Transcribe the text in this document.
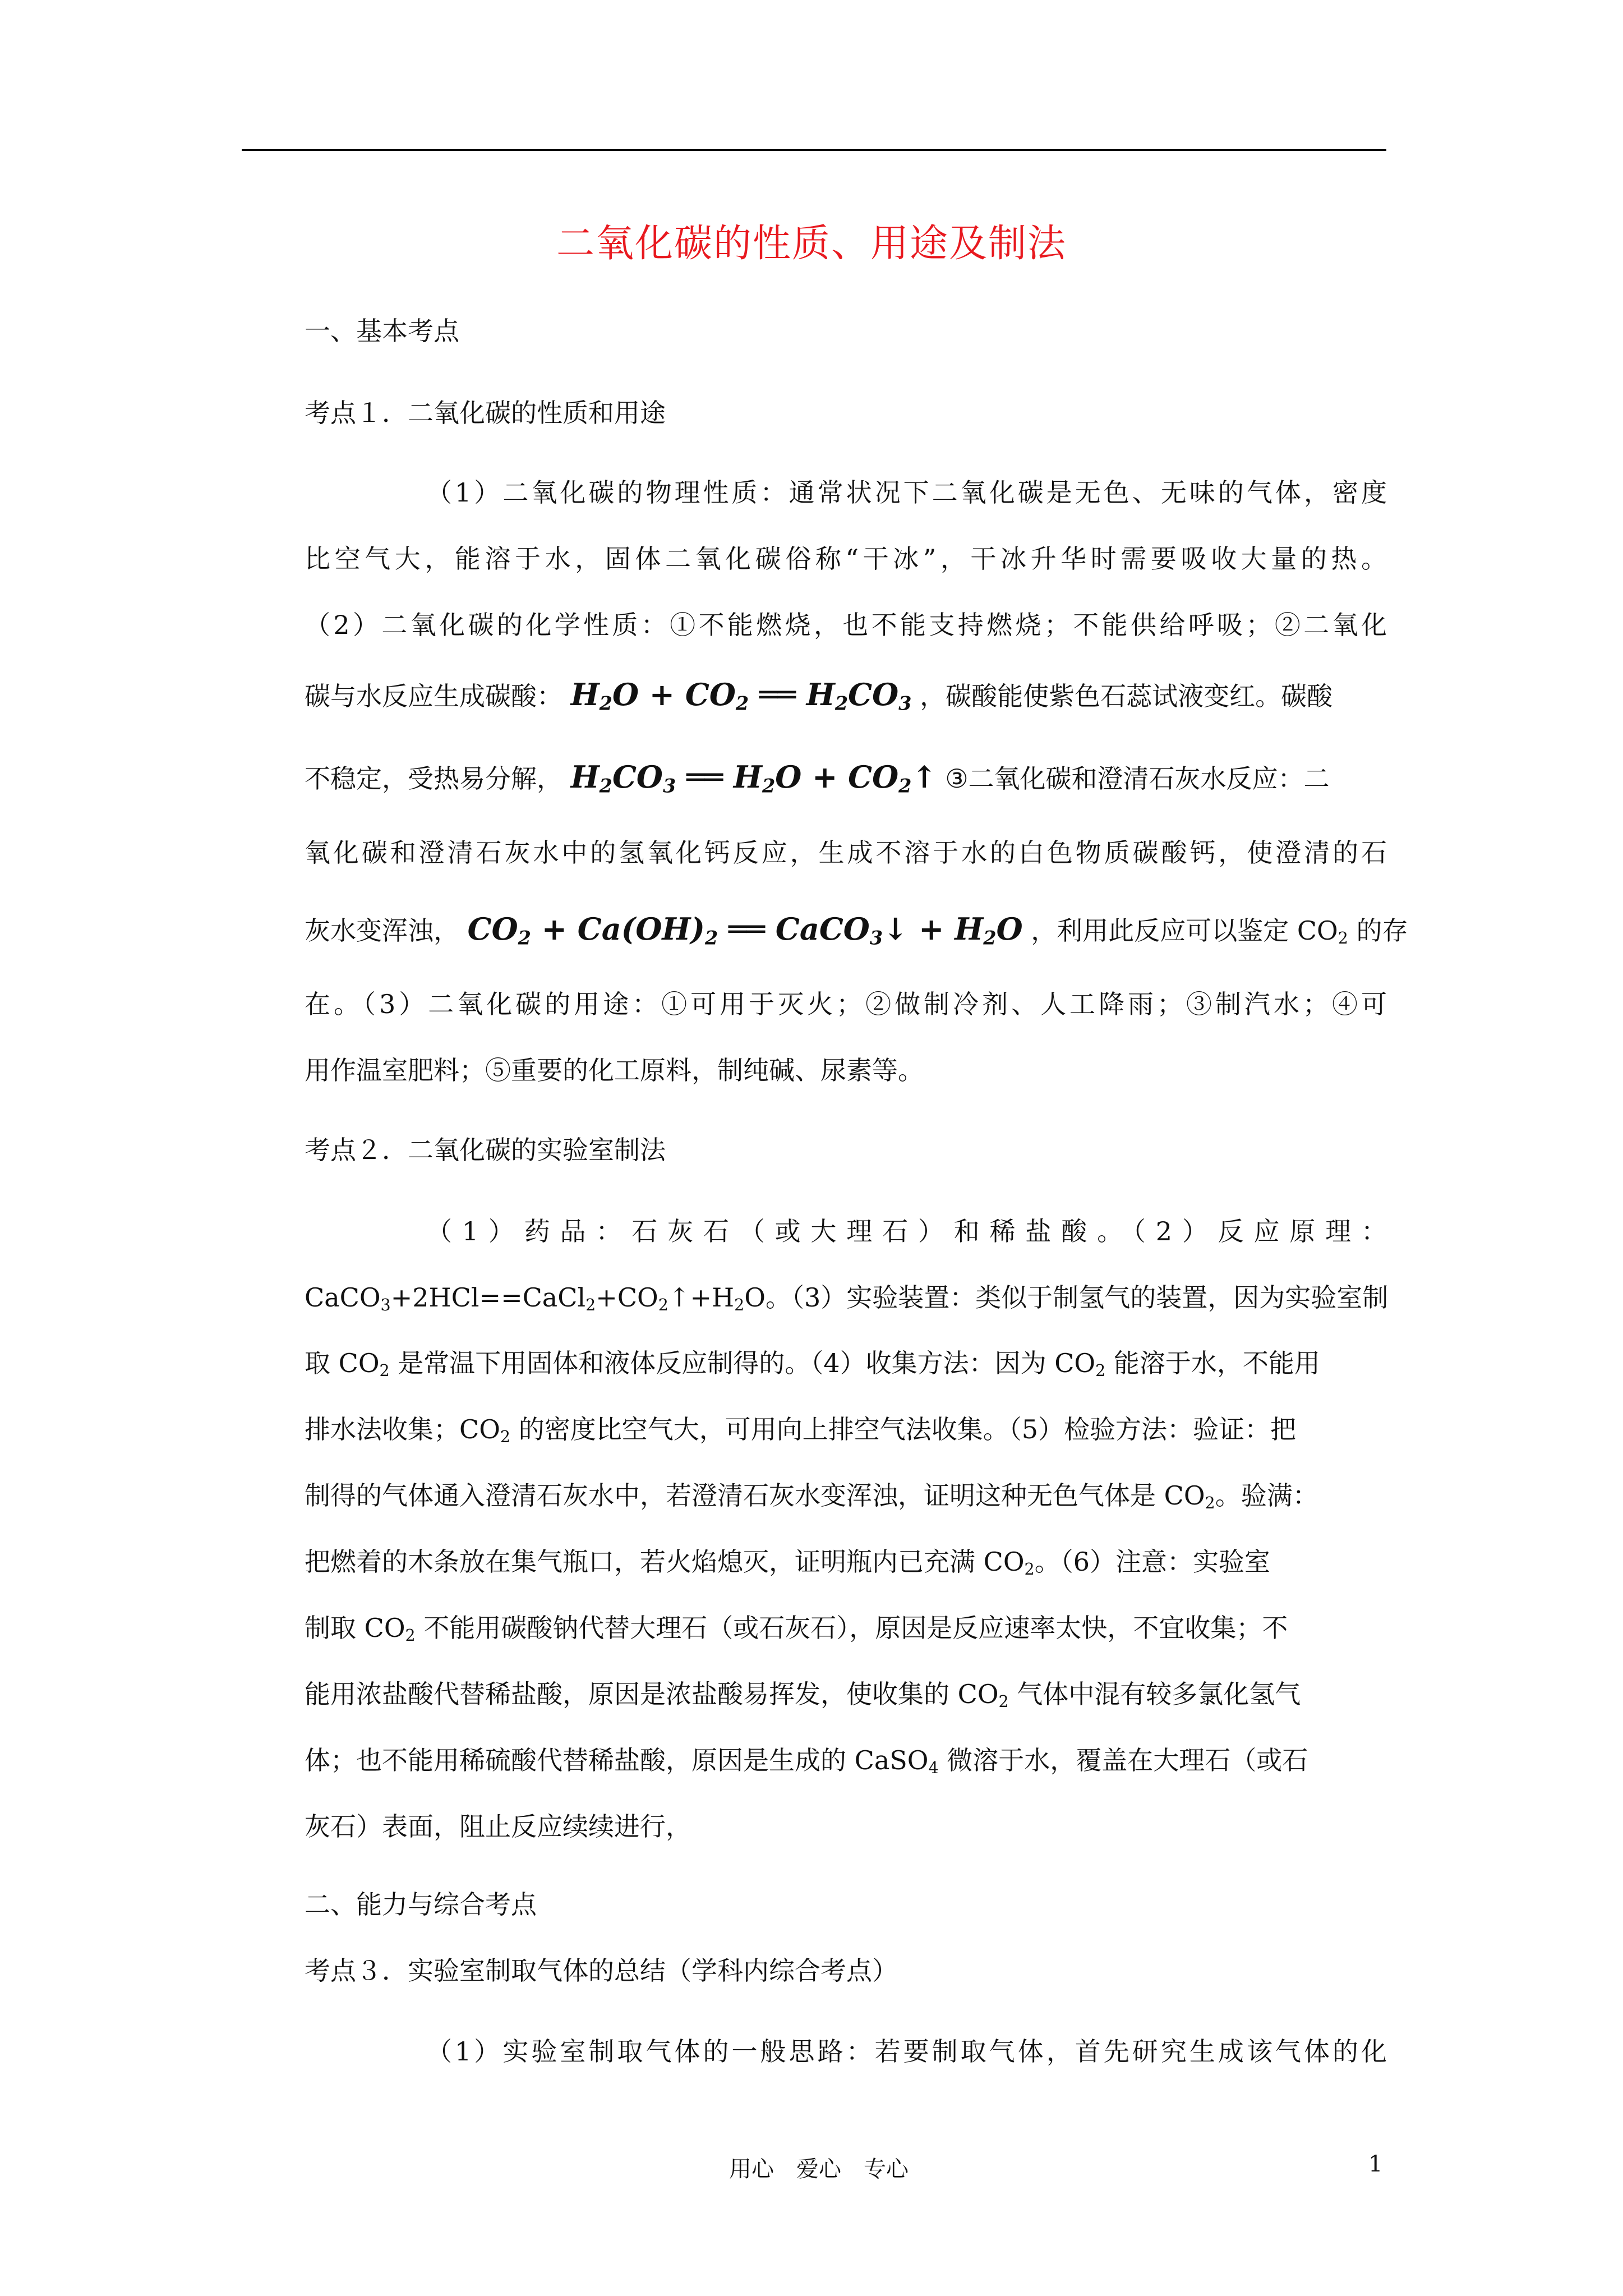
二氧化碳的性质、用途及制法
一、基本考点
考点１．二氧化碳的性质和用途
（1）二氧化碳的物理性质：通常状况下二氧化碳是无色、无味的气体，密度
比空气大，能溶于水，固体二氧化碳俗称“干冰”，干冰升华时需要吸收大量的热。
（2）二氧化碳的化学性质：①不能燃烧，也不能支持燃烧；不能供给呼吸；②二氧化
碳与水反应生成碳酸： $H_2O + CO_2$ ══ $H_2CO_3$ ，碳酸能使紫色石蕊试液变红。碳酸
不稳定，受热易分解， $H_2CO_3$ ══ $H_2O$ + $CO_2↑$ ③二氧化碳和澄清石灰水反应：二
氧化碳和澄清石灰水中的氢氧化钙反应，生成不溶于水的白色物质碳酸钙，使澄清的石
灰水变浑浊， $CO_2 + Ca(OH)_2$ ══ CaCO$_3$↓ + $H_2O$ ，利用此反应可以鉴定 $CO_2$ 的存
在。（3）二氧化碳的用途：①可用于灭火；②做制冷剂、人工降雨；③制汽水；④可
用作温室肥料；⑤重要的化工原料，制纯碱、尿素等。
考点２．二氧化碳的实验室制法
（1）药品：石灰石（或大理石）和稀盐酸。（2）反应原理：
$CaCO_3+2HCl==CaCl_2+CO_2↑+H_2O$。（3）实验装置：类似于制氢气的装置，因为实验室制
取 $CO_2$ 是常温下用固体和液体反应制得的。（4）收集方法：因为 $CO_2$ 能溶于水，不能用
排水法收集；$CO_2$ 的密度比空气大，可用向上排空气法收集。（5）检验方法：验证：把
制得的气体通入澄清石灰水中，若澄清石灰水变浑浊，证明这种无色气体是 $CO_2$。验满：
把燃着的木条放在集气瓶口，若火焰熄灭，证明瓶内已充满 $CO_2$。（6）注意：实验室
制取 $CO_2$ 不能用碳酸钠代替大理石（或石灰石），原因是反应速率太快，不宜收集；不
能用浓盐酸代替稀盐酸，原因是浓盐酸易挥发，使收集的 $CO_2$ 气体中混有较多氯化氢气
体；也不能用稀硫酸代替稀盐酸，原因是生成的 CaSO$_4$ 微溶于水，覆盖在大理石（或石
灰石）表面，阻止反应续续进行，
二、能力与综合考点
考点３．实验室制取气体的总结（学科内综合考点）
（1）实验室制取气体的一般思路：若要制取气体，首先研究生成该气体的化
用心　爱心　专心	1
